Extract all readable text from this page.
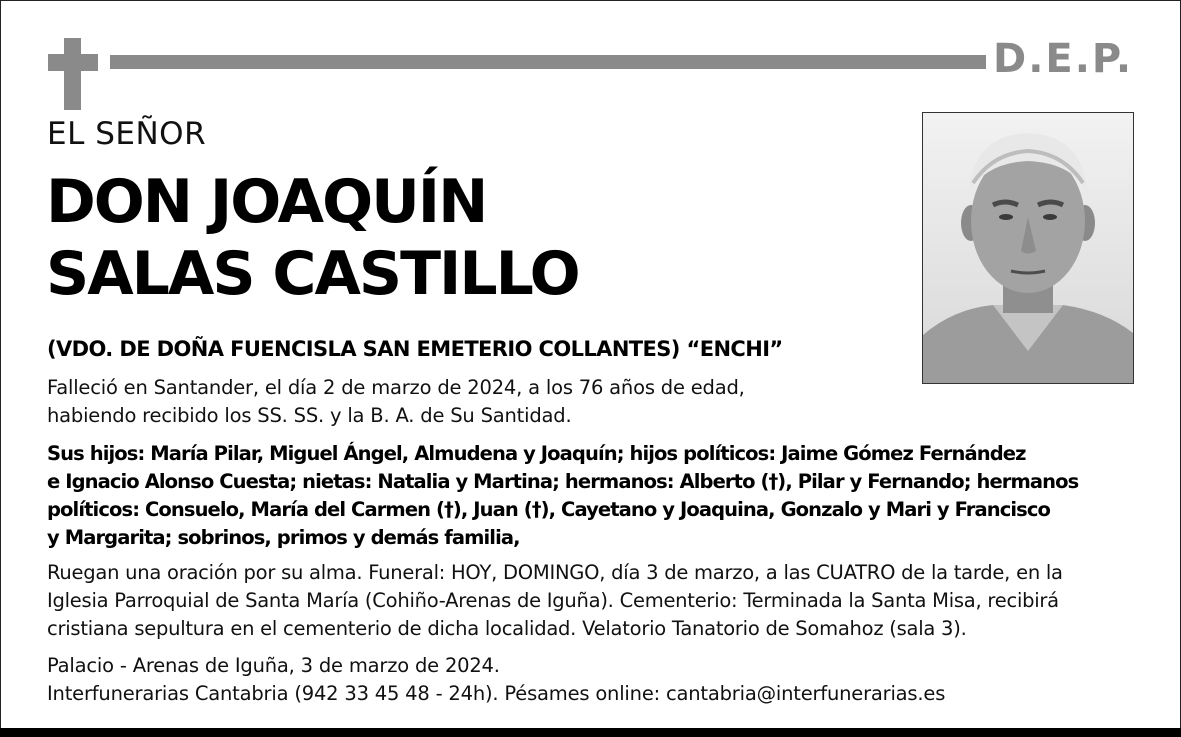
D.E.P.
EL SEÑOR
DON JOAQUÍN
SALAS CASTILLO
(VDO. DE DOÑA FUENCISLA SAN EMETERIO COLLANTES) “ENCHI”
Falleció en Santander, el día 2 de marzo de 2024, a los 76 años de edad,
habiendo recibido los SS. SS. y la B. A. de Su Santidad.
Sus hijos: María Pilar, Miguel Ángel, Almudena y Joaquín; hijos políticos: Jaime Gómez Fernández
e Ignacio Alonso Cuesta; nietas: Natalia y Martina; hermanos: Alberto (†), Pilar y Fernando; hermanos
políticos: Consuelo, María del Carmen (†), Juan (†), Cayetano y Joaquina, Gonzalo y Mari y Francisco
y Margarita; sobrinos, primos y demás familia,
Ruegan una oración por su alma. Funeral: HOY, DOMINGO, día 3 de marzo, a las CUATRO de la tarde, en la
Iglesia Parroquial de Santa María (Cohiño-Arenas de Iguña). Cementerio: Terminada la Santa Misa, recibirá
cristiana sepultura en el cementerio de dicha localidad. Velatorio Tanatorio de Somahoz (sala 3).
Palacio - Arenas de Iguña, 3 de marzo de 2024.
Interfunerarias Cantabria (942 33 45 48 - 24h). Pésames online: cantabria@interfunerarias.es
